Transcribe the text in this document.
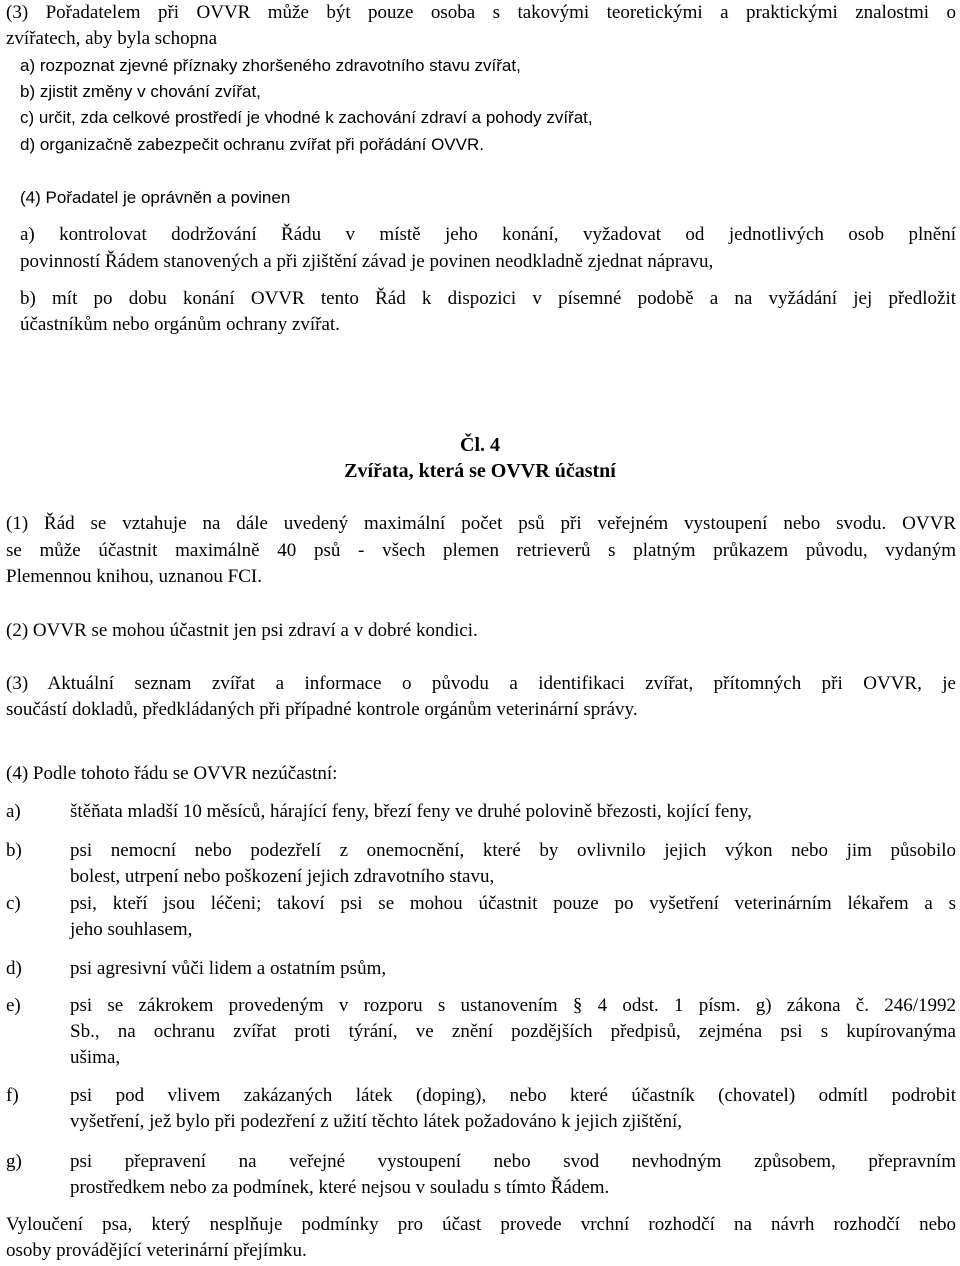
(3) Pořadatelem při OVVR může být pouze osoba s takovými teoretickými a praktickými znalostmi o
zvířatech, aby byla schopna
a) rozpoznat zjevné příznaky zhoršeného zdravotního stavu zvířat,
b) zjistit změny v chování zvířat,
c) určit, zda celkové prostředí je vhodné k zachování zdraví a pohody zvířat,
d) organizačně zabezpečit ochranu zvířat při pořádání OVVR.
(4) Pořadatel je oprávněn a povinen
a) kontrolovat dodržování Řádu v místě jeho konání, vyžadovat od jednotlivých osob plnění
povinností Řádem stanovených a při zjištění závad je povinen neodkladně zjednat nápravu,
b) mít po dobu konání OVVR tento Řád k dispozici v písemné podobě a na vyžádání jej předložit
účastníkům nebo orgánům ochrany zvířat.
Čl. 4
Zvířata, která se OVVR účastní
(1) Řád se vztahuje na dále uvedený maximální počet psů při veřejném vystoupení nebo svodu. OVVR
se může účastnit maximálně 40 psů - všech plemen retrieverů s platným průkazem původu, vydaným
Plemennou knihou, uznanou FCI.
(2) OVVR se mohou účastnit jen psi zdraví a v dobré kondici.
(3) Aktuální seznam zvířat a informace o původu a identifikaci zvířat, přítomných při OVVR, je
součástí dokladů, předkládaných při případné kontrole orgánům veterinární správy.
(4) Podle tohoto řádu se OVVR nezúčastní:
a)	štěňata mladší 10 měsíců, hárající feny, březí feny ve druhé polovině březosti, kojící feny,
b)	psi nemocní nebo podezřelí z onemocnění, které by ovlivnilo jejich výkon nebo jim působilo
bolest, utrpení nebo poškození jejich zdravotního stavu,
c)	psi, kteří jsou léčeni; takoví psi se mohou účastnit pouze po vyšetření veterinárním lékařem a s
jeho souhlasem,
d)	psi agresivní vůči lidem a ostatním psům,
e)	psi se zákrokem provedeným v rozporu s ustanovením § 4 odst. 1 písm. g) zákona č. 246/1992
Sb., na ochranu zvířat proti týrání, ve znění pozdějších předpisů, zejména psi s kupírovanýma
ušima,
f)	psi pod vlivem zakázaných látek (doping), nebo které účastník (chovatel) odmítl podrobit
vyšetření, jež bylo při podezření z užití těchto látek požadováno k jejich zjištění,
g)	psi přepravení na veřejné vystoupení nebo svod nevhodným způsobem, přepravním
prostředkem nebo za podmínek, které nejsou v souladu s tímto Řádem.
Vyloučení psa, který nesplňuje podmínky pro účast provede vrchní rozhodčí na návrh rozhodčí nebo
osoby provádějící veterinární přejímku.
